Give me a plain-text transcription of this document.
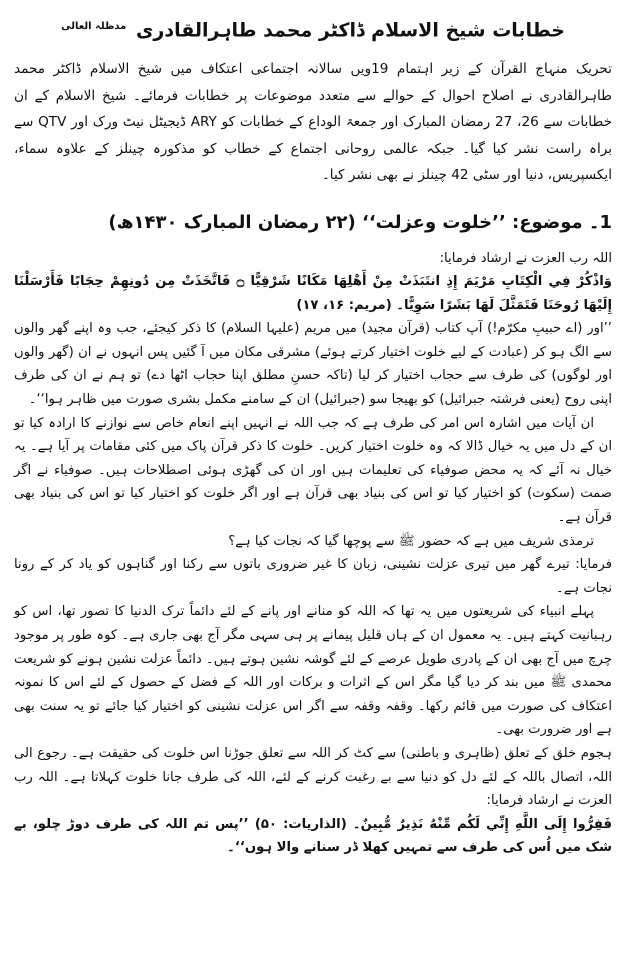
خطابات شیخ الاسلام ڈاکٹر محمد طاہرالقادری $^{مدظلہ العالی}$
تحریک منہاج القرآن کے زیر اہتمام 19ویں سالانہ اجتماعی اعتکاف میں شیخ الاسلام ڈاکٹر محمد طاہرالقادری نے اصلاح احوال کے حوالے سے متعدد موضوعات پر خطابات فرمائے۔ شیخ الاسلام کے ان خطابات سے 26، 27 رمضان المبارک اور جمعۃ الوداع کے خطابات کو ARY ڈیجیٹل نیٹ ورک اور QTV سے براہ راست نشر کیا گیا۔ جبکہ عالمی روحانی اجتماع کے خطاب کو مذکورہ چینلز کے علاوہ سماء، ایکسپریس، دنیا اور سٹی 42 چینلز نے بھی نشر کیا۔
1۔ موضوع: ’’خلوت وعزلت‘‘ (۲۲ رمضان المبارک ۱۴۳۰ھ)

اللہ رب العزت نے ارشاد فرمایا:

وَاذْكُرْ فِي الْكِتَابِ مَرْيَمَ إِذِ انتَبَذَتْ مِنْ أَهْلِهَا مَكَانًا شَرْقِيًّا ۝ فَاتَّخَذَتْ مِن دُونِهِمْ حِجَابًا فَأَرْسَلْنَا إِلَيْهَا رُوحَنَا فَتَمَثَّلَ لَهَا بَشَرًا سَوِيًّا۔ (مریم: ۱۶، ۱۷)

’’اور (اے حبیبِ مکرّم!) آپ کتاب (قرآن مجید) میں مریم (علیہا السلام) کا ذکر کیجئے، جب وہ اپنے گھر والوں سے الگ ہو کر (عبادت کے لیے خلوت اختیار کرتے ہوئے) مشرقی مکان میں آ گئیں پس انہوں نے ان (گھر والوں اور لوگوں) کی طرف سے حجاب اختیار کر لیا (تاکہ حسنِ مطلق اپنا حجاب اٹھا دے) تو ہم نے ان کی طرف اپنی روح (یعنی فرشتہ جبرائیل) کو بھیجا سو (جبرائیل) ان کے سامنے مکمل بشری صورت میں ظاہر ہوا‘‘۔

ان آیات میں اشارہ اس امر کی طرف ہے کہ جب اللہ نے انہیں اپنے انعام خاص سے نوازنے کا ارادہ کیا تو ان کے دل میں یہ خیال ڈالا کہ وہ خلوت اختیار کریں۔ خلوت کا ذکر قرآن پاک میں کئی مقامات پر آیا ہے۔ یہ خیال نہ آئے کہ یہ محض صوفیاء کی تعلیمات ہیں اور ان کی گھڑی ہوئی اصطلاحات ہیں۔ صوفیاء نے اگر صمت (سکوت) کو اختیار کیا تو اس کی بنیاد بھی قرآن ہے اور اگر خلوت کو اختیار کیا تو اس کی بنیاد بھی قرآن ہے۔

ترمذی شریف میں ہے کہ حضور ﷺ سے پوچھا گیا کہ نجات کیا ہے؟

فرمایا: تیرے گھر میں تیری عزلت نشینی، زبان کا غیر ضروری باتوں سے رکنا اور گناہوں کو یاد کر کے رونا نجات ہے۔

پہلے انبیاء کی شریعتوں میں یہ تھا کہ اللہ کو منانے اور پانے کے لئے دائماً ترک الدنیا کا تصور تھا، اس کو رہبانیت کہتے ہیں۔ یہ معمول ان کے ہاں قلیل پیمانے پر ہی سہی مگر آج بھی جاری ہے۔ کوہ طور پر موجود چرچ میں آج بھی ان کے پادری طویل عرصے کے لئے گوشہ نشین ہوتے ہیں۔ دائماً عزلت نشین ہونے کو شریعت محمدی ﷺ میں بند کر دیا گیا مگر اس کے اثرات و برکات اور اللہ کے فضل کے حصول کے لئے اس کا نمونہ اعتکاف کی صورت میں قائم رکھا۔ وقفہ وقفہ سے اگر اس عزلت نشینی کو اختیار کیا جائے تو یہ سنت بھی ہے اور ضرورت بھی۔

ہجوم خلق کے تعلق (ظاہری و باطنی) سے کٹ کر اللہ سے تعلق جوڑنا اس خلوت کی حقیقت ہے۔ رجوع الی اللہ، اتصال باللہ کے لئے دل کو دنیا سے بے رغبت کرنے کے لئے، اللہ کی طرف جانا خلوت کہلاتا ہے۔ اللہ رب العزت نے ارشاد فرمایا:

فَفِرُّوا إِلَى اللَّهِ إِنِّي لَكُم مِّنْهُ نَذِيرٌ مُّبِينٌ۔ (الذاریات: ۵۰) ’’پس تم اللہ کی طرف دوڑ چلو، بے شک میں اُس کی طرف سے تمہیں کھلا ڈر سنانے والا ہوں‘‘۔
